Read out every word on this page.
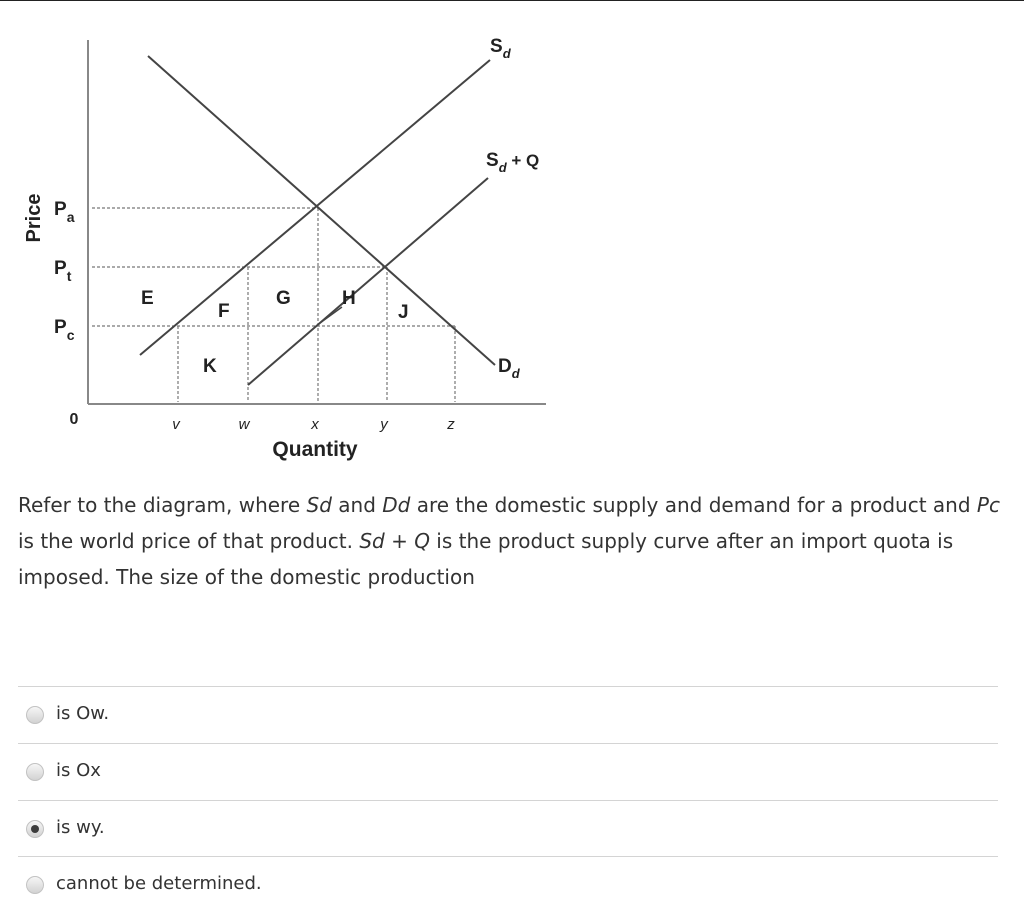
Price
Quantity
0
$P_a$
$P_t$
$P_c$
v	w	x	y	z
$S_d$
$S_d + Q$
$D_d$
E
F
G	H
J
K
Refer to the diagram, where Sd and Dd are the domestic supply and demand for a product and Pc is the world price of that product. Sd + Q is the product supply curve after an import quota is imposed. The size of the domestic production
is Ow.
is Ox
is wy.
cannot be determined.
